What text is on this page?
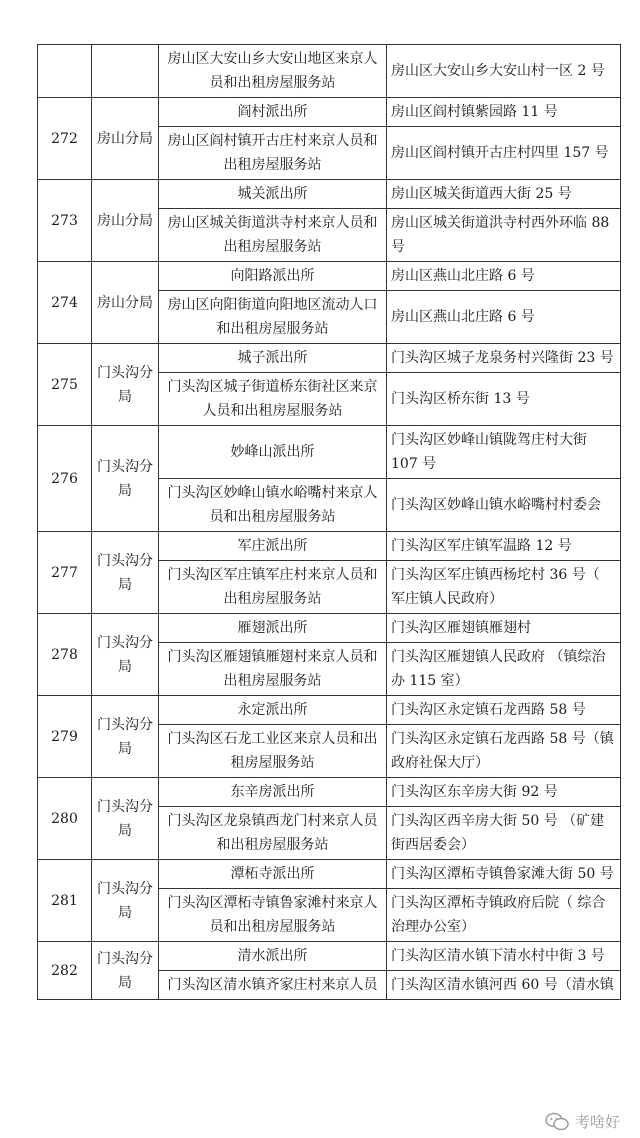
		房山区大安山乡大安山地区来京人员和出租房屋服务站	房山区大安山乡大安山村一区 2 号
272	房山分局	阎村派出所	房山区阎村镇紫园路 11 号
		房山区阎村镇开古庄村来京人员和出租房屋服务站	房山区阎村镇开古庄村四里 157 号
273	房山分局	城关派出所	房山区城关街道西大街 25 号
		房山区城关街道洪寺村来京人员和出租房屋服务站	房山区城关街道洪寺村西外环临 88 号
274	房山分局	向阳路派出所	房山区燕山北庄路 6 号
		房山区向阳街道向阳地区流动人口和出租房屋服务站	房山区燕山北庄路 6 号
275	门头沟分局	城子派出所	门头沟区城子龙泉务村兴隆街 23 号
		门头沟区城子街道桥东街社区来京人员和出租房屋服务站	门头沟区桥东街 13 号
276	门头沟分局	妙峰山派出所	门头沟区妙峰山镇陇驾庄村大街 107 号
		门头沟区妙峰山镇水峪嘴村来京人员和出租房屋服务站	门头沟区妙峰山镇水峪嘴村村委会
277	门头沟分局	军庄派出所	门头沟区军庄镇军温路 12 号
		门头沟区军庄镇军庄村来京人员和出租房屋服务站	门头沟区军庄镇西杨坨村 36 号（ 军庄镇人民政府）
278	门头沟分局	雁翅派出所	门头沟区雁翅镇雁翅村
		门头沟区雁翅镇雁翅村来京人员和出租房屋服务站	门头沟区雁翅镇人民政府 （镇综治办 115 室）
279	门头沟分局	永定派出所	门头沟区永定镇石龙西路 58 号
		门头沟区石龙工业区来京人员和出租房屋服务站	门头沟区永定镇石龙西路 58 号（镇政府社保大厅）
280	门头沟分局	东辛房派出所	门头沟区东辛房大街 92 号
		门头沟区龙泉镇西龙门村来京人员和出租房屋服务站	门头沟区西辛房大街 50 号 （矿建街西居委会）
281	门头沟分局	潭柘寺派出所	门头沟区潭柘寺镇鲁家滩大街 50 号
		门头沟区潭柘寺镇鲁家滩村来京人员和出租房屋服务站	门头沟区潭柘寺镇政府后院（ 综合治理办公室）
282	门头沟分局	清水派出所	门头沟区清水镇下清水村中街 3 号
		门头沟区清水镇齐家庄村来京人员	门头沟区清水镇河西 60 号（清水镇
考啥好
